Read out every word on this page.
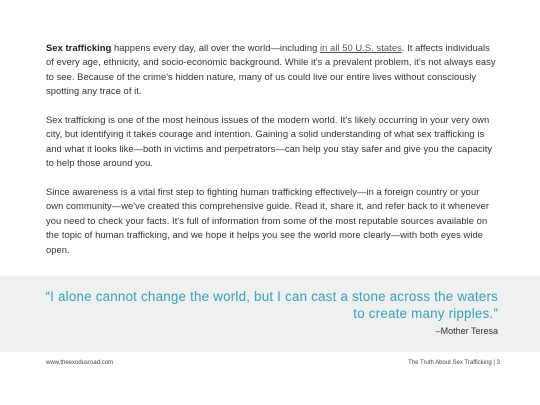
Sex trafficking happens every day, all over the world—including in all 50 U.S. states. It affects individuals of every age, ethnicity, and socio-economic background. While it's a prevalent problem, it's not always easy to see. Because of the crime's hidden nature, many of us could live our entire lives without consciously spotting any trace of it.

Sex trafficking is one of the most heinous issues of the modern world. It's likely occurring in your very own city, but identifying it takes courage and intention. Gaining a solid understanding of what sex trafficking is and what it looks like—both in victims and perpetrators—can help you stay safer and give you the capacity to help those around you.

Since awareness is a vital first step to fighting human trafficking effectively—in a foreign country or your own community—we've created this comprehensive guide. Read it, share it, and refer back to it whenever you need to check your facts. It's full of information from some of the most reputable sources available on the topic of human trafficking, and we hope it helps you see the world more clearly—with both eyes wide open.

“I alone cannot change the world, but I can cast a stone across the waters to create many ripples.”
–Mother Teresa
www.theexodusroad.com	The Truth About Sex Trafficking | 3
